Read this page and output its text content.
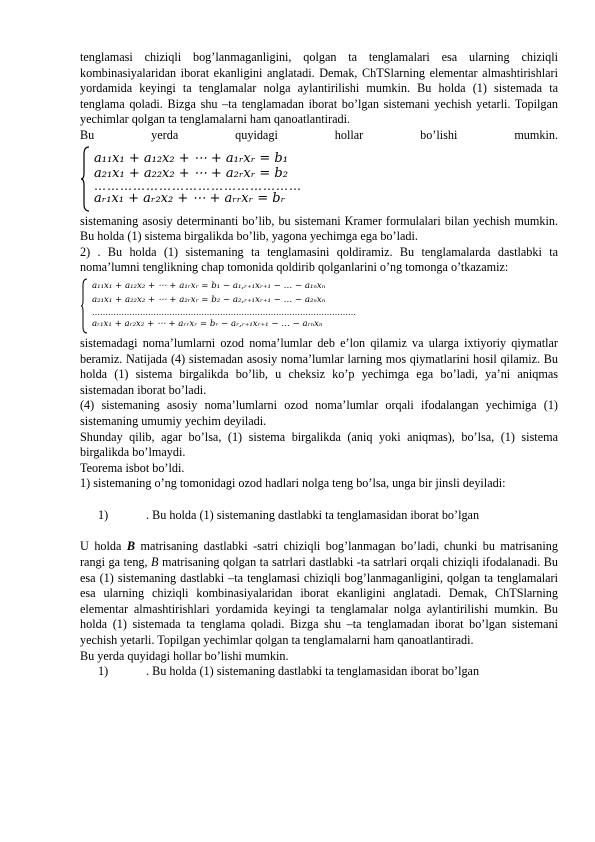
tenglamasi chiziqli bog’lanmaganligini, qolgan ta tenglamalari esa ularning chiziqli kombinasiyalaridan iborat ekanligini anglatadi. Demak, ChTSlarning elementar almashtirishlari yordamida keyingi ta tenglamalar nolga aylantirilishi mumkin. Bu holda (1) sistemada ta tenglama qoladi. Bizga shu –ta tenglamadan iborat bo’lgan sistemani yechish yetarli. Topilgan yechimlar qolgan ta tenglamalarni ham qanoatlantiradi.

Bu yerda quyidagi hollar bo’lishi mumkin.

a₁₁x₁ + a₁₂x₂ + ⋯ + a₁ᵣxᵣ = b₁
a₂₁x₁ + a₂₂x₂ + ⋯ + a₂ᵣxᵣ = b₂
…………………………………………
aᵣ₁x₁ + aᵣ₂x₂ + ⋯ + aᵣᵣxᵣ = bᵣ

sistemaning asosiy determinanti bo’lib, bu sistemani Kramer formulalari bilan yechish mumkin. Bu holda (1) sistema birgalikda bo’lib, yagona yechimga ega bo’ladi.

2) . Bu holda (1) sistemaning ta tenglamasini qoldiramiz. Bu tenglamalarda dastlabki ta noma’lumni tenglikning chap tomonida qoldirib qolganlarini o’ng tomonga o’tkazamiz:

a₁₁x₁ + a₁₂x₂ + ⋯ + a₁ᵣxᵣ = b₁ − a₁,ᵣ₊₁xᵣ₊₁ − … − a₁ₙxₙ
a₂₁x₁ + a₂₂x₂ + ⋯ + a₂ᵣxᵣ = b₂ − a₂,ᵣ₊₁xᵣ₊₁ − … − a₂ₙxₙ
………………………………………………………………………………………
aᵣ₁x₁ + aᵣ₂x₂ + ⋯ + aᵣᵣxᵣ = bᵣ − aᵣ,ᵣ₊₁xᵣ₊₁ − … − aᵣₙxₙ

sistemadagi noma’lumlarni ozod noma’lumlar deb e’lon qilamiz va ularga ixtiyoriy qiymatlar beramiz. Natijada (4) sistemadan asosiy noma’lumlar larning mos qiymatlarini hosil qilamiz. Bu holda (1) sistema birgalikda bo’lib, u cheksiz ko’p yechimga ega bo’ladi, ya’ni aniqmas sistemadan iborat bo’ladi.

(4) sistemaning asosiy noma’lumlarni ozod noma’lumlar orqali ifodalangan yechimiga (1) sistemaning umumiy yechim deyiladi.

Shunday qilib, agar bo’lsa, (1) sistema birgalikda (aniq yoki aniqmas), bo’lsa, (1) sistema birgalikda bo’lmaydi.

Teorema isbot bo’ldi.

1) sistemaning o’ng tomonidagi ozod hadlari nolga teng bo’lsa, unga bir jinsli deyiladi:

1)	. Bu holda (1) sistemaning dastlabki ta tenglamasidan iborat bo’lgan

U holda B matrisaning dastlabki -satri chiziqli bog’lanmagan bo’ladi, chunki bu matrisaning rangi ga teng, B matrisaning qolgan ta satrlari dastlabki -ta satrlari orqali chiziqli ifodalanadi. Bu esa (1) sistemaning dastlabki –ta tenglamasi chiziqli bog’lanmaganligini, qolgan ta tenglamalari esa ularning chiziqli kombinasiyalaridan iborat ekanligini anglatadi. Demak, ChTSlarning elementar almashtirishlari yordamida keyingi ta tenglamalar nolga aylantirilishi mumkin. Bu holda (1) sistemada ta tenglama qoladi. Bizga shu –ta tenglamadan iborat bo’lgan sistemani yechish yetarli. Topilgan yechimlar qolgan ta tenglamalarni ham qanoatlantiradi.

Bu yerda quyidagi hollar bo’lishi mumkin.

1)	. Bu holda (1) sistemaning dastlabki ta tenglamasidan iborat bo’lgan
